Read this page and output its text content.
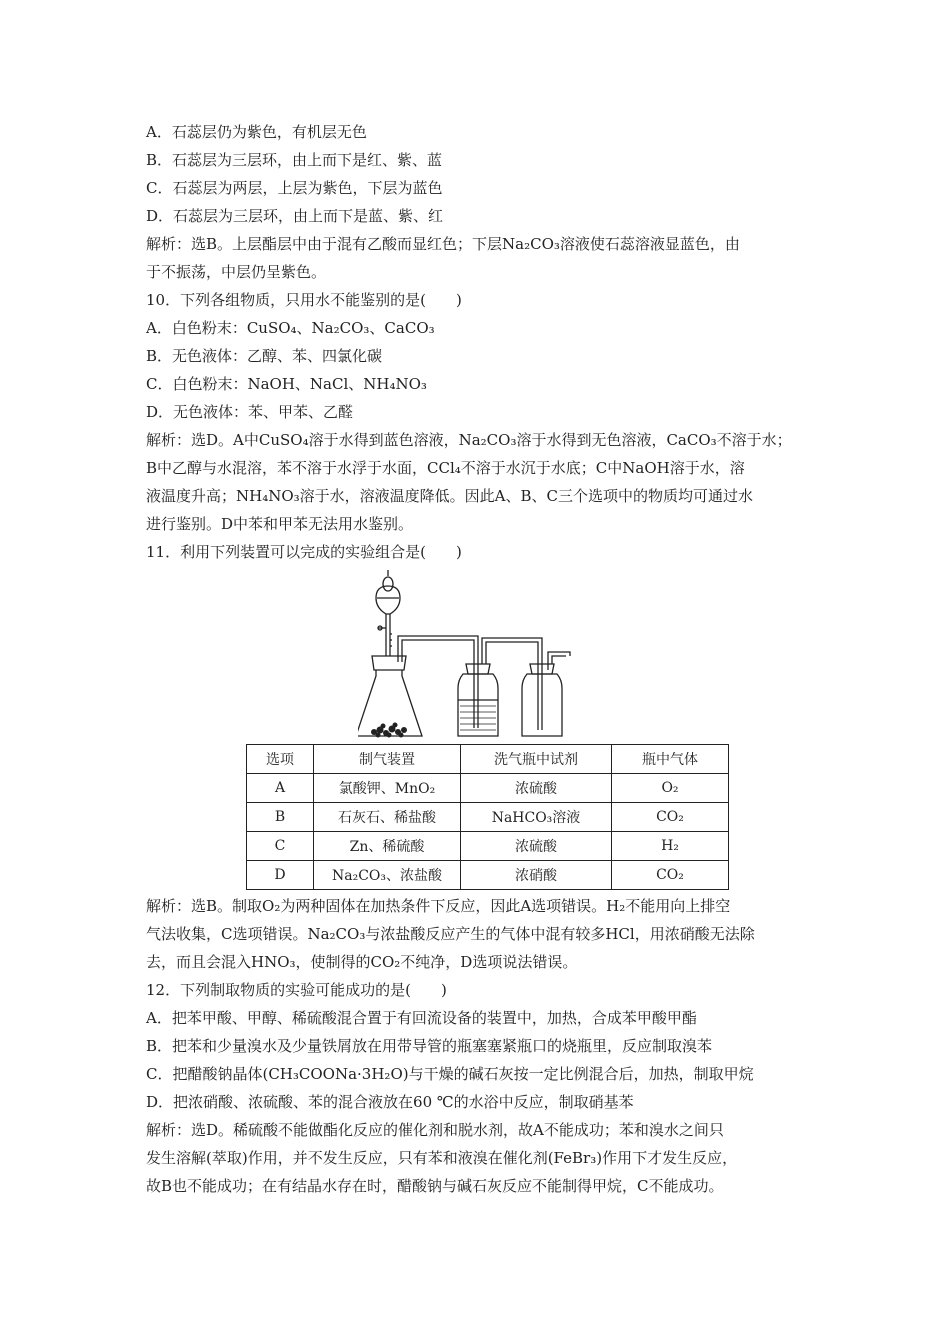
A．石蕊层仍为紫色，有机层无色
B．石蕊层为三层环，由上而下是红、紫、蓝
C．石蕊层为两层，上层为紫色，下层为蓝色
D．石蕊层为三层环，由上而下是蓝、紫、红
解析：选B。上层酯层中由于混有乙酸而显红色；下层Na₂CO₃溶液使石蕊溶液显蓝色，由
于不振荡，中层仍呈紫色。
10．下列各组物质，只用水不能鉴别的是(　　)
A．白色粉末：CuSO₄、Na₂CO₃、CaCO₃
B．无色液体：乙醇、苯、四氯化碳
C．白色粉末：NaOH、NaCl、NH₄NO₃
D．无色液体：苯、甲苯、乙醛
解析：选D。A中CuSO₄溶于水得到蓝色溶液，Na₂CO₃溶于水得到无色溶液，CaCO₃不溶于水；
B中乙醇与水混溶，苯不溶于水浮于水面，CCl₄不溶于水沉于水底；C中NaOH溶于水，溶
液温度升高；NH₄NO₃溶于水，溶液温度降低。因此A、B、C三个选项中的物质均可通过水
进行鉴别。D中苯和甲苯无法用水鉴别。
11．利用下列装置可以完成的实验组合是(　　)
选项	制气装置	洗气瓶中试剂	瓶中气体
A	氯酸钾、MnO₂	浓硫酸	O₂
B	石灰石、稀盐酸	NaHCO₃溶液	CO₂
C	Zn、稀硫酸	浓硫酸	H₂
D	Na₂CO₃、浓盐酸	浓硝酸	CO₂
解析：选B。制取O₂为两种固体在加热条件下反应，因此A选项错误。H₂不能用向上排空
气法收集，C选项错误。Na₂CO₃与浓盐酸反应产生的气体中混有较多HCl，用浓硝酸无法除
去，而且会混入HNO₃，使制得的CO₂不纯净，D选项说法错误。
12．下列制取物质的实验可能成功的是(　　)
A．把苯甲酸、甲醇、稀硫酸混合置于有回流设备的装置中，加热，合成苯甲酸甲酯
B．把苯和少量溴水及少量铁屑放在用带导管的瓶塞塞紧瓶口的烧瓶里，反应制取溴苯
C．把醋酸钠晶体(CH₃COONa·3H₂O)与干燥的碱石灰按一定比例混合后，加热，制取甲烷
D．把浓硝酸、浓硫酸、苯的混合液放在60 ℃的水浴中反应，制取硝基苯
解析：选D。稀硫酸不能做酯化反应的催化剂和脱水剂，故A不能成功；苯和溴水之间只
发生溶解(萃取)作用，并不发生反应，只有苯和液溴在催化剂(FeBr₃)作用下才发生反应，
故B也不能成功；在有结晶水存在时，醋酸钠与碱石灰反应不能制得甲烷，C不能成功。
